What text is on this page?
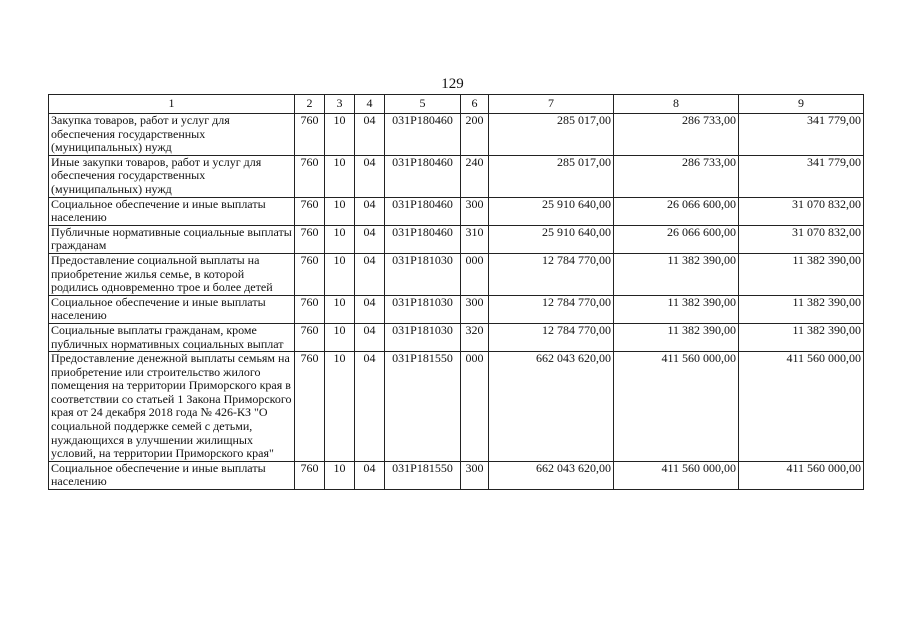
129
1	2	3	4	5	6	7	8	9
Закупка товаров, работ и услуг для обеспечения государственных (муниципальных) нужд	760	10	04	031P180460	200	285 017,00	286 733,00	341 779,00
Иные закупки товаров, работ и услуг для обеспечения государственных (муниципальных) нужд	760	10	04	031P180460	240	285 017,00	286 733,00	341 779,00
Социальное обеспечение и иные выплаты населению	760	10	04	031P180460	300	25 910 640,00	26 066 600,00	31 070 832,00
Публичные нормативные социальные выплаты гражданам	760	10	04	031P180460	310	25 910 640,00	26 066 600,00	31 070 832,00
Предоставление социальной выплаты на приобретение жилья семье, в которой родились одновременно трое и более детей	760	10	04	031P181030	000	12 784 770,00	11 382 390,00	11 382 390,00
Социальное обеспечение и иные выплаты населению	760	10	04	031P181030	300	12 784 770,00	11 382 390,00	11 382 390,00
Социальные выплаты гражданам, кроме публичных нормативных социальных выплат	760	10	04	031P181030	320	12 784 770,00	11 382 390,00	11 382 390,00
Предоставление денежной выплаты семьям на приобретение или строительство жилого помещения на территории Приморского края в соответствии со статьей 1 Закона Приморского края от 24 декабря 2018 года № 426-КЗ "О социальной поддержке семей с детьми, нуждающихся в улучшении жилищных условий, на территории Приморского края"	760	10	04	031P181550	000	662 043 620,00	411 560 000,00	411 560 000,00
Социальное обеспечение и иные выплаты населению	760	10	04	031P181550	300	662 043 620,00	411 560 000,00	411 560 000,00
